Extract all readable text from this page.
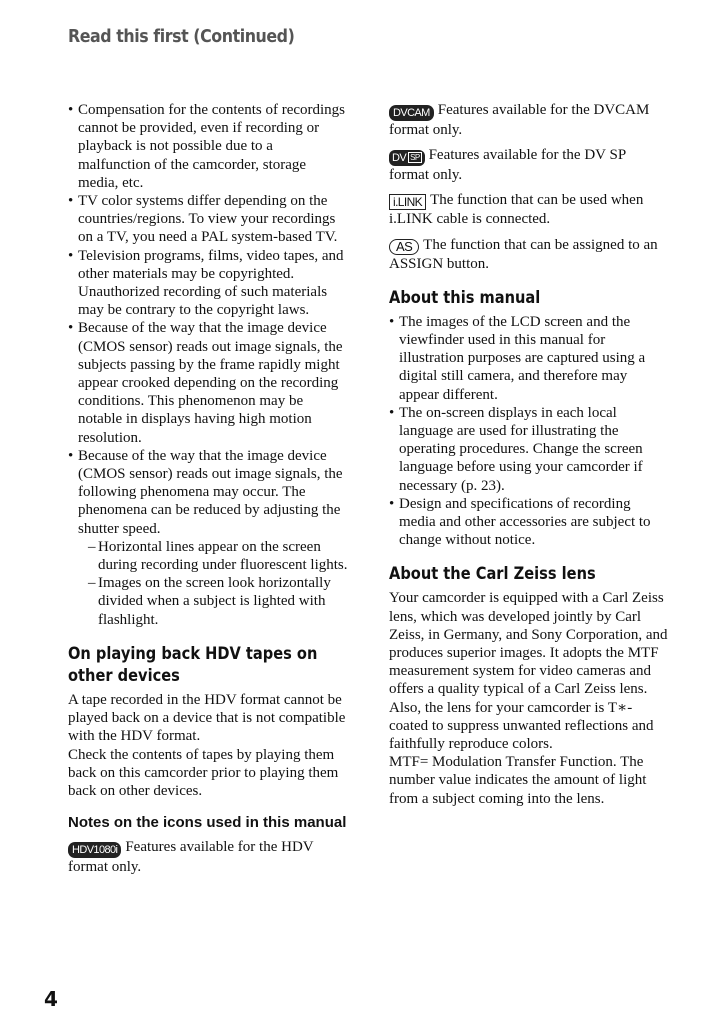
Read this first (Continued)
• Compensation for the contents of recordings cannot be provided, even if recording or playback is not possible due to a malfunction of the camcorder, storage media, etc.
• TV color systems differ depending on the countries/regions. To view your recordings on a TV, you need a PAL system-based TV.
• Television programs, films, video tapes, and other materials may be copyrighted. Unauthorized recording of such materials may be contrary to the copyright laws.
• Because of the way that the image device (CMOS sensor) reads out image signals, the subjects passing by the frame rapidly might appear crooked depending on the recording conditions. This phenomenon may be notable in displays having high motion resolution.
• Because of the way that the image device (CMOS sensor) reads out image signals, the following phenomena may occur. The phenomena can be reduced by adjusting the shutter speed.
– Horizontal lines appear on the screen during recording under fluorescent lights.
– Images on the screen look horizontally divided when a subject is lighted with flashlight.
On playing back HDV tapes on other devices

A tape recorded in the HDV format cannot be played back on a device that is not compatible with the HDV format.

Check the contents of tapes by playing them back on this camcorder prior to playing them back on other devices.

Notes on the icons used in this manual

HDV1080i Features available for the HDV format only.

DVCAM Features available for the DVCAM format only.

DV SP Features available for the DV SP format only.

i.LINK The function that can be used when i.LINK cable is connected.

AS The function that can be assigned to an ASSIGN button.

About this manual
• The images of the LCD screen and the viewfinder used in this manual for illustration purposes are captured using a digital still camera, and therefore may appear different.
• The on-screen displays in each local language are used for illustrating the operating procedures. Change the screen language before using your camcorder if necessary (p. 23).
• Design and specifications of recording media and other accessories are subject to change without notice.
About the Carl Zeiss lens

Your camcorder is equipped with a Carl Zeiss lens, which was developed jointly by Carl Zeiss, in Germany, and Sony Corporation, and produces superior images. It adopts the MTF measurement system for video cameras and offers a quality typical of a Carl Zeiss lens. Also, the lens for your camcorder is T∗-coated to suppress unwanted reflections and faithfully reproduce colors.

MTF= Modulation Transfer Function. The number value indicates the amount of light from a subject coming into the lens.

4
